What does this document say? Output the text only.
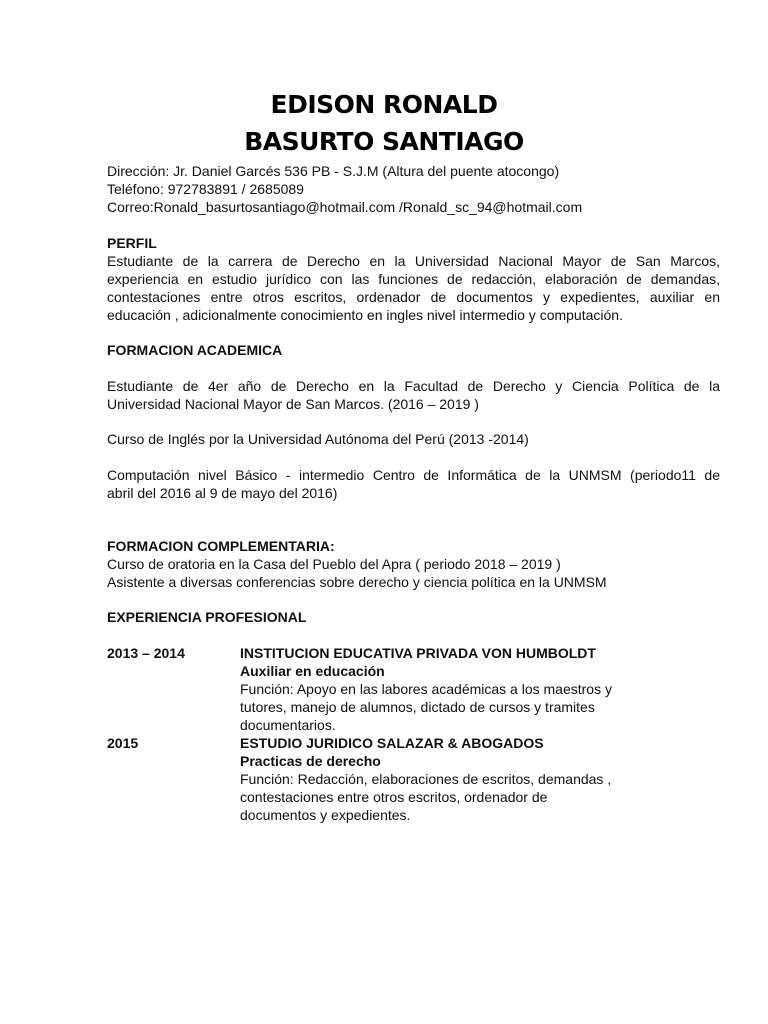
EDISON RONALD
BASURTO SANTIAGO
Dirección: Jr. Daniel Garcés 536 PB - S.J.M (Altura del puente atocongo)
Teléfono: 972783891 / 2685089
Correo:Ronald_basurtosantiago@hotmail.com /Ronald_sc_94@hotmail.com
PERFIL
Estudiante de la carrera de Derecho en la Universidad Nacional Mayor de San Marcos,
experiencia en estudio jurídico con las funciones de redacción, elaboración de demandas,
contestaciones entre otros escritos, ordenador de documentos y expedientes, auxiliar en
educación , adicionalmente conocimiento en ingles nivel intermedio y computación.
FORMACION ACADEMICA
Estudiante de 4er año de Derecho en la Facultad de Derecho y Ciencia Política de la
Universidad Nacional Mayor de San Marcos. (2016 – 2019 )
Curso de Inglés por la Universidad Autónoma del Perú (2013 -2014)
Computación nivel Básico - intermedio Centro de Informática de la UNMSM (periodo11 de
abril del 2016 al 9 de mayo del 2016)
FORMACION COMPLEMENTARIA:
Curso de oratoria en la Casa del Pueblo del Apra ( periodo 2018 – 2019 )
Asistente a diversas conferencias sobre derecho y ciencia política en la UNMSM
EXPERIENCIA PROFESIONAL
2013 – 2014	INSTITUCION EDUCATIVA PRIVADA VON HUMBOLDT
Auxiliar en educación
Función: Apoyo en las labores académicas a los maestros y
tutores, manejo de alumnos, dictado de cursos y tramites
documentarios.
2015	ESTUDIO JURIDICO SALAZAR & ABOGADOS
Practicas de derecho
Función: Redacción, elaboraciones de escritos, demandas ,
contestaciones entre otros escritos, ordenador de
documentos y expedientes.
